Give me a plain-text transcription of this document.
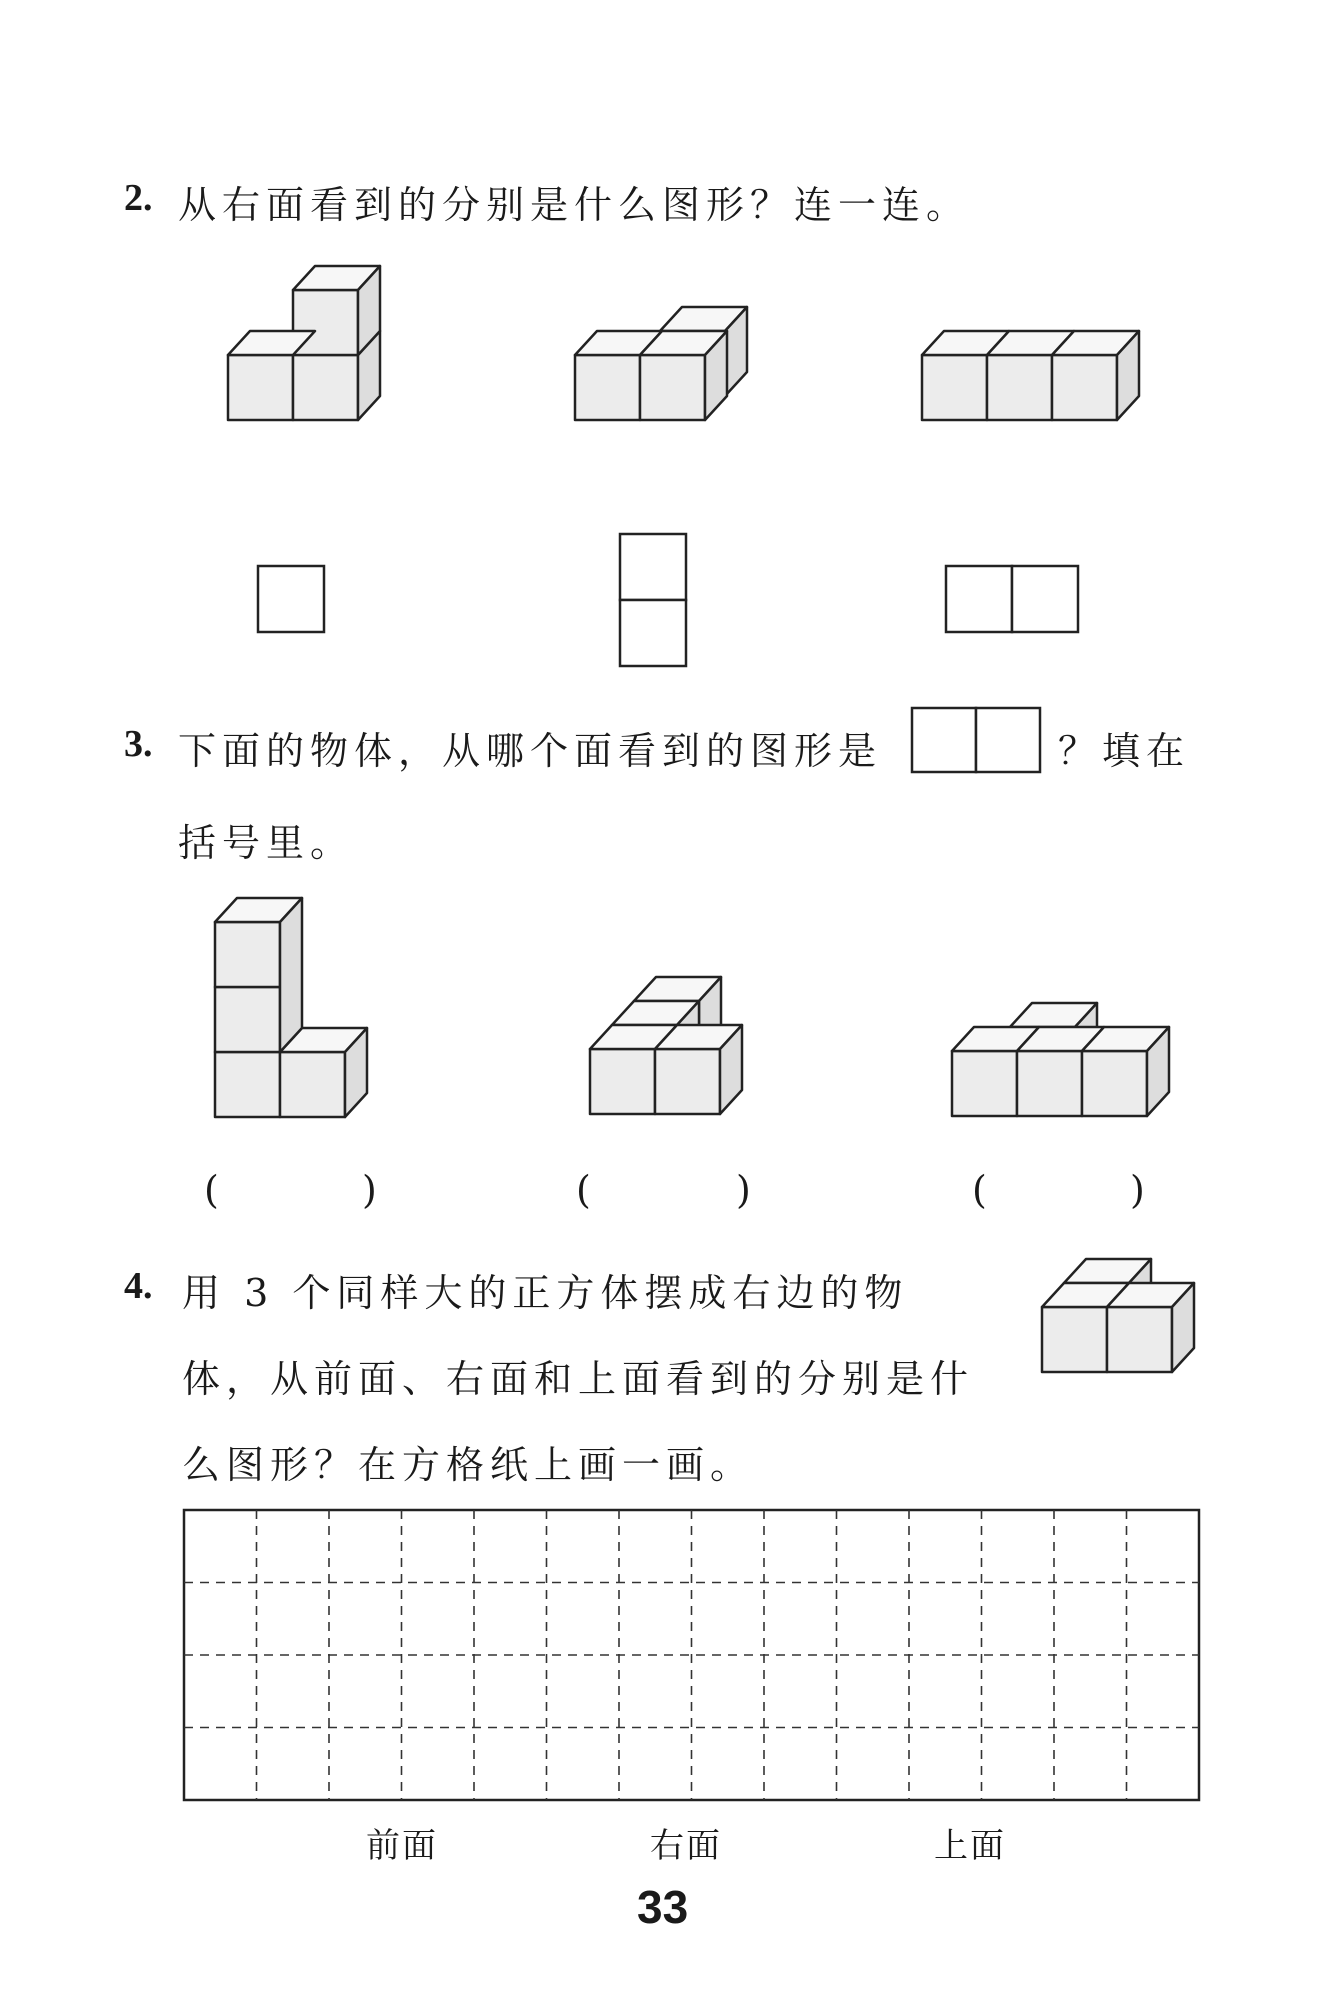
2. 从右面看到的分别是什么图形？连一连。
3. 下面的物体，从哪个面看到的图形是	？填在
括号里。
(	)	(	)	(	)
4. 用 3 个同样大的正方体摆成右边的物
体，从前面、右面和上面看到的分别是什
么图形？在方格纸上画一画。
前面	右面	上面
33
